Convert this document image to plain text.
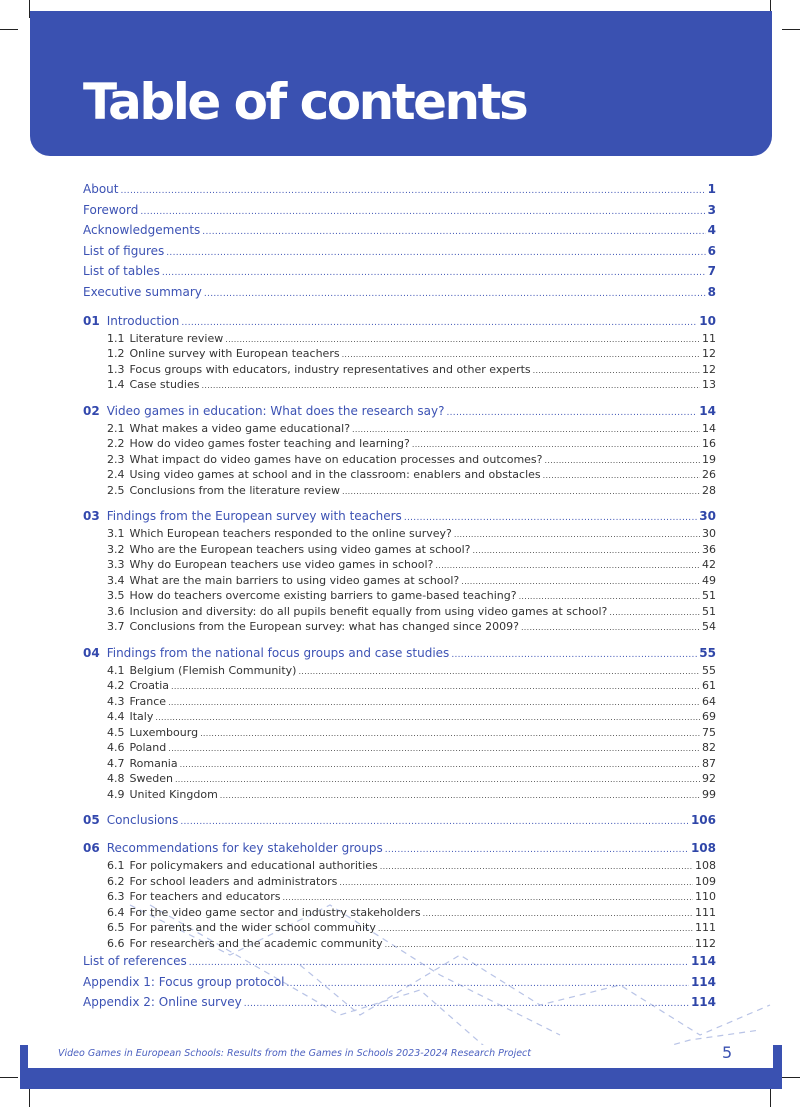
Table of contents
About .....	1
Foreword .....	3
Acknowledgements .....	4
List of figures .....	6
List of tables .....	7
Executive summary .....	8
01 Introduction .....	10
1.1 Literature review .....	11
1.2 Online survey with European teachers .....	12
1.3 Focus groups with educators, industry representatives and other experts .....	12
1.4 Case studies .....	13
02 Video games in education: What does the research say? .....	14
2.1 What makes a video game educational? .....	14
2.2 How do video games foster teaching and learning? .....	16
2.3 What impact do video games have on education processes and outcomes? .....	19
2.4 Using video games at school and in the classroom: enablers and obstacles .....	26
2.5 Conclusions from the literature review .....	28
03 Findings from the European survey with teachers .....	30
3.1 Which European teachers responded to the online survey? .....	30
3.2 Who are the European teachers using video games at school? .....	36
3.3 Why do European teachers use video games in school? .....	42
3.4 What are the main barriers to using video games at school? .....	49
3.5 How do teachers overcome existing barriers to game-based teaching? .....	51
3.6 Inclusion and diversity: do all pupils benefit equally from using video games at school? .....	51
3.7 Conclusions from the European survey: what has changed since 2009? .....	54
04 Findings from the national focus groups and case studies .....	55
4.1 Belgium (Flemish Community) .....	55
4.2 Croatia .....	61
4.3 France .....	64
4.4 Italy .....	69
4.5 Luxembourg .....	75
4.6 Poland .....	82
4.7 Romania .....	87
4.8 Sweden .....	92
4.9 United Kingdom .....	99
05 Conclusions .....	106
06 Recommendations for key stakeholder groups .....	108
6.1 For policymakers and educational authorities .....	108
6.2 For school leaders and administrators .....	109
6.3 For teachers and educators .....	110
6.4 For the video game sector and industry stakeholders .....	111
6.5 For parents and the wider school community .....	111
6.6 For researchers and the academic community .....	112
List of references .....	114
Appendix 1: Focus group protocol .....	114
Appendix 2: Online survey .....	114
Video Games in European Schools: Results from the Games in Schools 2023-2024 Research Project	5
